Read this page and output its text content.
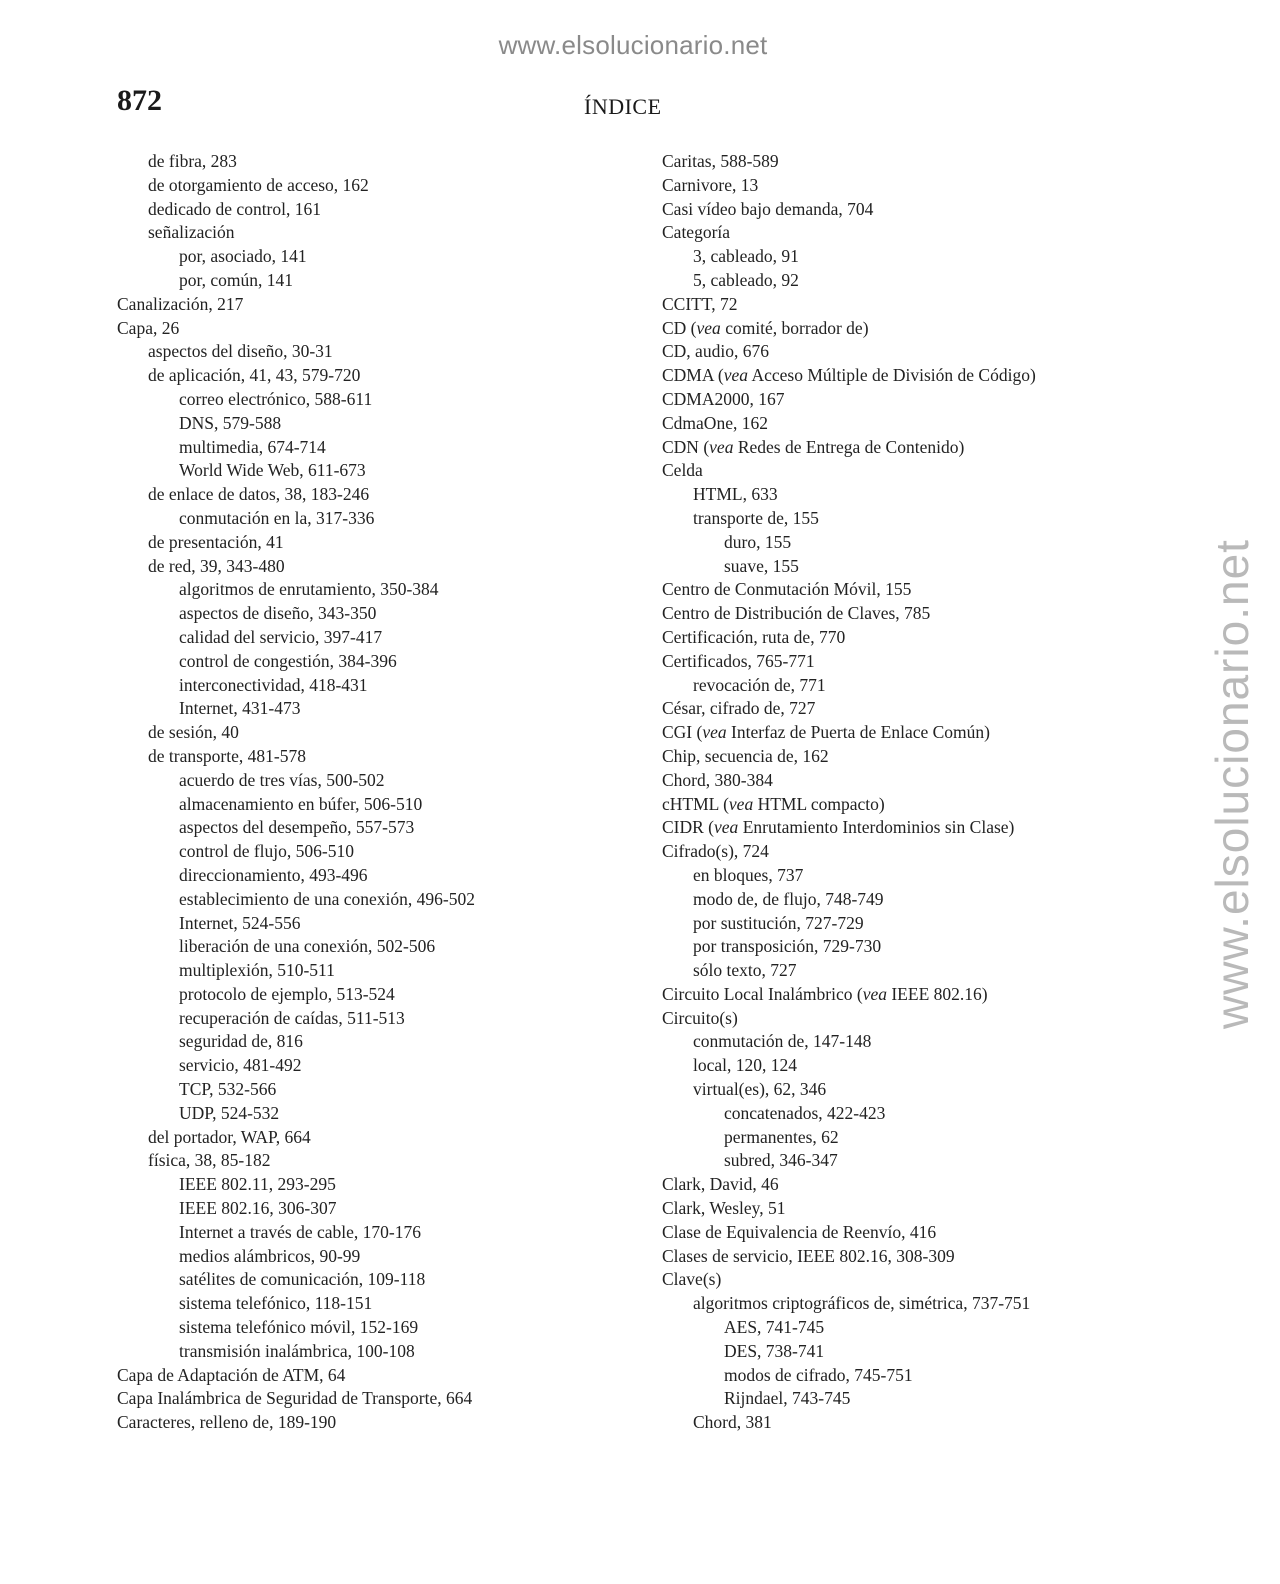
www.elsolucionario.net
www.elsolucionario.net
872	ÍNDICE
de fibra, 283
de otorgamiento de acceso, 162
dedicado de control, 161
señalización
por, asociado, 141
por, común, 141
Canalización, 217
Capa, 26
aspectos del diseño, 30-31
de aplicación, 41, 43, 579-720
correo electrónico, 588-611
DNS, 579-588
multimedia, 674-714
World Wide Web, 611-673
de enlace de datos, 38, 183-246
conmutación en la, 317-336
de presentación, 41
de red, 39, 343-480
algoritmos de enrutamiento, 350-384
aspectos de diseño, 343-350
calidad del servicio, 397-417
control de congestión, 384-396
interconectividad, 418-431
Internet, 431-473
de sesión, 40
de transporte, 481-578
acuerdo de tres vías, 500-502
almacenamiento en búfer, 506-510
aspectos del desempeño, 557-573
control de flujo, 506-510
direccionamiento, 493-496
establecimiento de una conexión, 496-502
Internet, 524-556
liberación de una conexión, 502-506
multiplexión, 510-511
protocolo de ejemplo, 513-524
recuperación de caídas, 511-513
seguridad de, 816
servicio, 481-492
TCP, 532-566
UDP, 524-532
del portador, WAP, 664
física, 38, 85-182
IEEE 802.11, 293-295
IEEE 802.16, 306-307
Internet a través de cable, 170-176
medios alámbricos, 90-99
satélites de comunicación, 109-118
sistema telefónico, 118-151
sistema telefónico móvil, 152-169
transmisión inalámbrica, 100-108
Capa de Adaptación de ATM, 64
Capa Inalámbrica de Seguridad de Transporte, 664
Caracteres, relleno de, 189-190
Caritas, 588-589
Carnivore, 13
Casi vídeo bajo demanda, 704
Categoría
3, cableado, 91
5, cableado, 92
CCITT, 72
CD (vea comité, borrador de)
CD, audio, 676
CDMA (vea Acceso Múltiple de División de Código)
CDMA2000, 167
CdmaOne, 162
CDN (vea Redes de Entrega de Contenido)
Celda
HTML, 633
transporte de, 155
duro, 155
suave, 155
Centro de Conmutación Móvil, 155
Centro de Distribución de Claves, 785
Certificación, ruta de, 770
Certificados, 765-771
revocación de, 771
César, cifrado de, 727
CGI (vea Interfaz de Puerta de Enlace Común)
Chip, secuencia de, 162
Chord, 380-384
cHTML (vea HTML compacto)
CIDR (vea Enrutamiento Interdominios sin Clase)
Cifrado(s), 724
en bloques, 737
modo de, de flujo, 748-749
por sustitución, 727-729
por transposición, 729-730
sólo texto, 727
Circuito Local Inalámbrico (vea IEEE 802.16)
Circuito(s)
conmutación de, 147-148
local, 120, 124
virtual(es), 62, 346
concatenados, 422-423
permanentes, 62
subred, 346-347
Clark, David, 46
Clark, Wesley, 51
Clase de Equivalencia de Reenvío, 416
Clases de servicio, IEEE 802.16, 308-309
Clave(s)
algoritmos criptográficos de, simétrica, 737-751
AES, 741-745
DES, 738-741
modos de cifrado, 745-751
Rijndael, 743-745
Chord, 381
